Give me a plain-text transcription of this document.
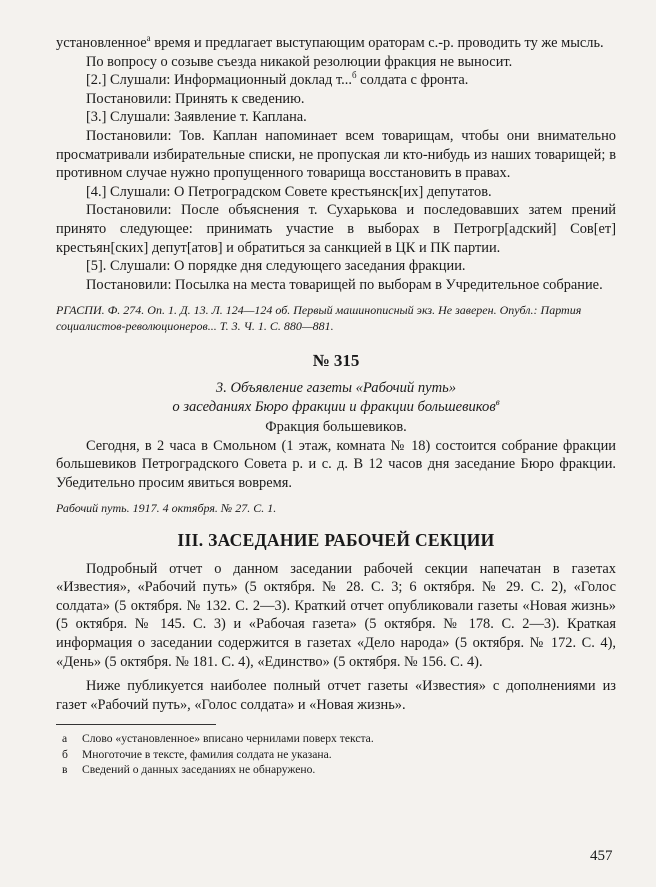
установленное$^а$ время и предлагает выступающим ораторам с.-р. проводить ту же мысль.

По вопросу о созыве съезда никакой резолюции фракция не выносит.

[2.] Слушали: Информационный доклад т...$^б$ солдата с фронта.

Постановили: Принять к сведению.

[3.] Слушали: Заявление т. Каплана.

Постановили: Тов. Каплан напоминает всем товарищам, чтобы они внимательно просматривали избирательные списки, не пропуская ли кто-нибудь из наших товарищей; в противном случае нужно пропущенного товарища восстановить в правах.

[4.] Слушали: О Петроградском Совете крестьянск[их] депутатов.

Постановили: После объяснения т. Сухарькова и последовавших затем прений принято следующее: принимать участие в выборах в Петрогр[адский] Сов[ет] крестьян[ских] депут[атов] и обратиться за санкцией в ЦК и ПК партии.

[5]. Слушали: О порядке дня следующего заседания фракции.

Постановили: Посылка на места товарищей по выборам в Учредительное собрание.

РГАСПИ. Ф. 274. Оп. 1. Д. 13. Л. 124—124 об. Первый машинописный экз. Не заверен. Опубл.: Партия социалистов-революционеров... Т. 3. Ч. 1. С. 880—881.

№ 315
3. Объявление газеты «Рабочий путь»
о заседаниях Бюро фракции и фракции большевиков$^в$
Фракция большевиков.

Сегодня, в 2 часа в Смольном (1 этаж, комната № 18) состоится собрание фракции большевиков Петроградского Совета р. и с. д. В 12 часов дня заседание Бюро фракции. Убедительно просим явиться вовремя.

Рабочий путь. 1917. 4 октября. № 27. С. 1.

III. ЗАСЕДАНИЕ РАБОЧЕЙ СЕКЦИИ

Подробный отчет о данном заседании рабочей секции напечатан в газетах «Известия», «Рабочий путь» (5 октября. № 28. С. 3; 6 октября. № 29. С. 2), «Голос солдата» (5 октября. № 132. С. 2—3). Краткий отчет опубликовали газеты «Новая жизнь» (5 октября. № 145. С. 3) и «Рабочая газета» (5 октября. № 178. С. 2—3). Краткая информация о заседании содержится в газетах «Дело народа» (5 октября. № 172. С. 4), «День» (5 октября. № 181. С. 4), «Единство» (5 октября. № 156. С. 4).

Ниже публикуется наиболее полный отчет газеты «Известия» с дополнениями из газет «Рабочий путь», «Голос солдата» и «Новая жизнь».

а	Слово «установленное» вписано чернилами поверх текста.
б	Многоточие в тексте, фамилия солдата не указана.
в	Сведений о данных заседаниях не обнаружено.
457
